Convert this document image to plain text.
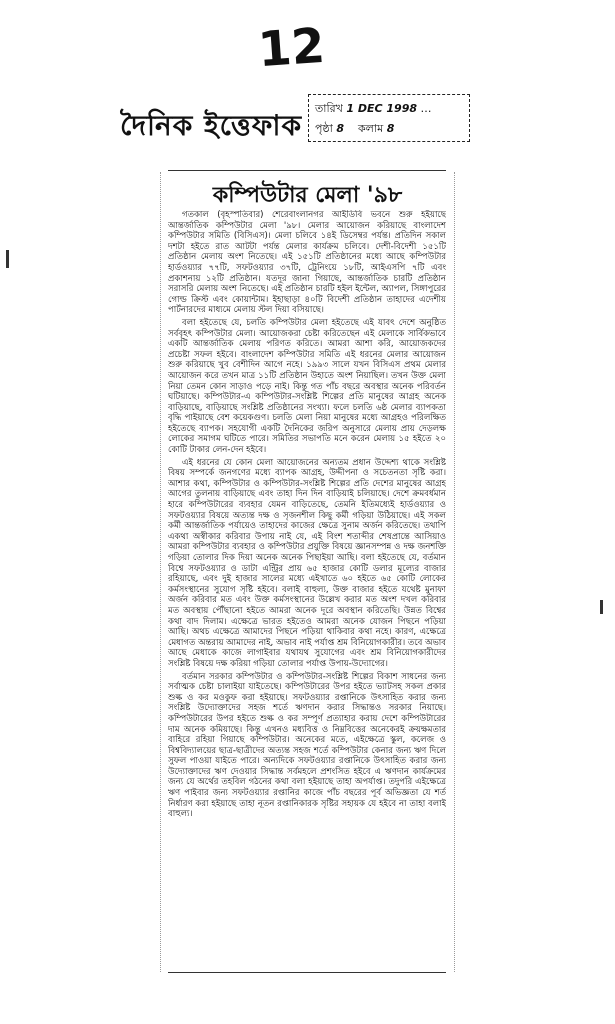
12
দৈনিক ইত্তেফাক
তারিখ 1 DEC 1998 …
পৃষ্ঠা 8 কলাম 8
কম্পিউটার মেলা '৯৮

গতকাল (বৃহস্পতিবার) শেরেবাংলানগর আইডিবি ভবনে শুরু হইয়াছে আন্তর্জাতিক কম্পিউটার মেলা '৯৮। মেলার আয়োজন করিয়াছে বাংলাদেশ কম্পিউটার সমিতি (বিসিএস)। মেলা চলিবে ১৪ই ডিসেম্বর পর্যন্ত। প্রতিদিন সকাল দশটা হইতে রাত আটটা পর্যন্ত মেলার কার্যক্রম চলিবে। দেশী-বিদেশী ১৫১টি প্রতিষ্ঠান মেলায় অংশ নিতেছে। এই ১৫১টি প্রতিষ্ঠানের মধ্যে আছে কম্পিউটার হার্ডওয়্যার ৭৭টি, সফটওয়্যার ৩৭টি, ট্রেনিংয়ে ১৮টি, আইএসপি ৭টি এবং প্রকাশনায় ১২টি প্রতিষ্ঠান। যতদূর জানা গিয়াছে, আন্তর্জাতিক চারটি প্রতিষ্ঠান সরাসরি মেলায় অংশ নিতেছে। এই প্রতিষ্ঠান চারটি হইল ইন্টেল, অ্যাপল, সিঙ্গাপুরের গোল্ড ক্রিস্ট এবং কোয়ান্টাম। ইহাছাড়া ৪০টি বিদেশী প্রতিষ্ঠান তাহাদের এদেশীয় পার্টনারদের মাধ্যমে মেলায় স্টল দিয়া বসিয়াছে।

বলা হইতেছে যে, চলতি কম্পিউটার মেলা হইতেছে এই যাবৎ দেশে অনুষ্ঠিত সর্ববৃহৎ কম্পিউটার মেলা। আয়োজকরা চেষ্টা করিতেছেন এই মেলাকে সার্বিকভাবে একটি আন্তর্জাতিক মেলায় পরিণত করিতে। আমরা আশা করি, আয়োজকদের প্রচেষ্টা সফল হইবে। বাংলাদেশ কম্পিউটার সমিতি এই ধরনের মেলার আয়োজন শুরু করিয়াছে খুব বেশীদিন আগে নহে। ১৯৯৩ সালে যখন বিসিএস প্রথম মেলার আয়োজন করে তখন মাত্র ১১টি প্রতিষ্ঠান উহাতে অংশ নিয়াছিল। তখন উক্ত মেলা নিয়া তেমন কোন সাড়াও পড়ে নাই। কিন্তু গত পাঁচ বছরে অবস্থার অনেক পরিবর্তন ঘটিয়াছে। কম্পিউটার-এ কম্পিউটার-সংশ্লিষ্ট শিল্পের প্রতি মানুষের আগ্রহ অনেক বাড়িয়াছে, বাড়িয়াছে সংশ্লিষ্ট প্রতিষ্ঠানের সংখ্যা। ফলে চলতি ৬ষ্ঠ মেলার ব্যাপকতা বৃদ্ধি পাইয়াছে বেশ কয়েকগুণ। চলতি মেলা নিয়া মানুষের মধ্যে আগ্রহও পরিলক্ষিত হইতেছে ব্যাপক। সহযোগী একটি দৈনিকের জরিপ অনুসারে মেলায় প্রায় দেড়লক্ষ লোকের সমাগম ঘটিতে পারে। সমিতির সভাপতি মনে করেন মেলায় ১৫ হইতে ২০ কোটি টাকার লেন-দেন হইবে।

এই ধরনের যে কোন মেলা আয়োজনের অন্যতম প্রধান উদ্দেশ্য থাকে সংশ্লিষ্ট বিষয় সম্পর্কে জনগণের মধ্যে ব্যাপক আগ্রহ, উদ্দীপনা ও সচেতনতা সৃষ্টি করা। আশার কথা, কম্পিউটার ও কম্পিউটার-সংশ্লিষ্ট শিল্পের প্রতি দেশের মানুষের আগ্রহ আগের তুলনায় বাড়িয়াছে এবং তাহা দিন দিন বাড়িয়াই চলিয়াছে। দেশে ক্রমবর্ধমান হারে কম্পিউটারের ব্যবহার যেমন বাড়িতেছে, তেমনি ইতিমধ্যেই হার্ডওয়্যার ও সফটওয়্যার বিষয়ে অত্যন্ত দক্ষ ও সৃজনশীল কিছু কর্মী গড়িয়া উঠিয়াছে। এই সকল কর্মী আন্তর্জাতিক পর্যায়েও তাহাদের কাজের ক্ষেত্রে সুনাম অর্জন করিতেছে। তথাপি একথা অস্বীকার করিবার উপায় নাই যে, এই বিংশ শতাব্দীর শেষপ্রান্তে আসিয়াও আমরা কম্পিউটার ব্যবহার ও কম্পিউটার প্রযুক্তি বিষয়ে জ্ঞানসম্পন্ন ও দক্ষ জনশক্তি গড়িয়া তোলার দিক দিয়া অনেক অনেক পিছাইয়া আছি। বলা হইতেছে যে, বর্তমান বিশ্বে সফটওয়্যার ও ডাটা এন্ট্রির প্রায় ৬৫ হাজার কোটি ডলার মূল্যের বাজার রহিয়াছে, এবং দুই হাজার সালের মধ্যে এইখাতে ৬০ হইতে ৬৫ কোটি লোকের কর্মসংস্থানের সুযোগ সৃষ্টি হইবে। বলাই বাহুল্য, উক্ত বাজার হইতে যথেষ্ট মুনাফা অর্জন করিবার মত এবং উক্ত কর্মসংস্থানের উল্লেখ করার মত অংশ দখল করিবার মত অবস্থায় পৌঁছানো হইতে আমরা অনেক দূরে অবস্থান করিতেছি। উন্নত বিশ্বের কথা বাদ দিলাম। এক্ষেত্রে ভারত হইতেও আমরা অনেক যোজন পিছনে পড়িয়া আছি। অথচ এক্ষেত্রে আমাদের পিছনে পড়িয়া থাকিবার কথা নহে। কারণ, এক্ষেত্রে মেধাগত অন্তরায় আমাদের নাই, অভাব নাই পর্যাপ্ত শ্রম বিনিয়োগকারীর। তবে অভাব আছে মেধাকে কাজে লাগাইবার যথাযথ সুযোগের এবং শ্রম বিনিয়োগকারীদের সংশ্লিষ্ট বিষয়ে দক্ষ করিয়া গড়িয়া তোলার পর্যাপ্ত উপায়-উদ্যোগের।

বর্তমান সরকার কম্পিউটার ও কম্পিউটার-সংশ্লিষ্ট শিল্পের বিকাশ সাধনের জন্য সর্বাত্মক চেষ্টা চালাইয়া যাইতেছে। কম্পিউটারের উপর হইতে ভ্যাটসহ সকল প্রকার শুল্ক ও কর মওকুফ করা হইয়াছে। সফটওয়্যার রপ্তানিকে উৎসাহিত করার জন্য সংশ্লিষ্ট উদ্যোক্তাদের সহজ শর্তে ঋণদান করার সিদ্ধান্তও সরকার নিয়াছে। কম্পিউটারের উপর হইতে শুল্ক ও কর সম্পূর্ণ প্রত্যাহার করায় দেশে কম্পিউটারের দাম অনেক কমিয়াছে। কিন্তু এখনও মধ্যবিত্ত ও নিম্নবিত্তের অনেকেরই ক্রয়ক্ষমতার বাহিরে রহিয়া গিয়াছে কম্পিউটার। অনেকের মতে, এইক্ষেত্রে স্কুল, কলেজ ও বিশ্ববিদ্যালয়ের ছাত্র-ছাত্রীদের অত্যন্ত সহজ শর্তে কম্পিউটার কেনার জন্য ঋণ দিলে সুফল পাওয়া যাইতে পারে। অন্যদিকে সফটওয়্যার রপ্তানিকে উৎসাহিত করার জন্য উদ্যোক্তাদের ঋণ দেওয়ার সিদ্ধান্ত সর্বমহলে প্রশংসিত হইবে এ ঋণদান কার্যক্রমের জন্য যে অর্থের তহবিল গঠনের কথা বলা হইয়াছে তাহা অপর্যাপ্ত। তদুপরি এইক্ষেত্রে ঋণ পাইবার জন্য সফটওয়্যার রপ্তানির কাজে পাঁচ বছরের পূর্ব অভিজ্ঞতা যে শর্ত নির্ধারণ করা হইয়াছে তাহা নূতন রপ্তানিকারক সৃষ্টির সহায়ক যে হইবে না তাহা বলাই বাহুল্য।
